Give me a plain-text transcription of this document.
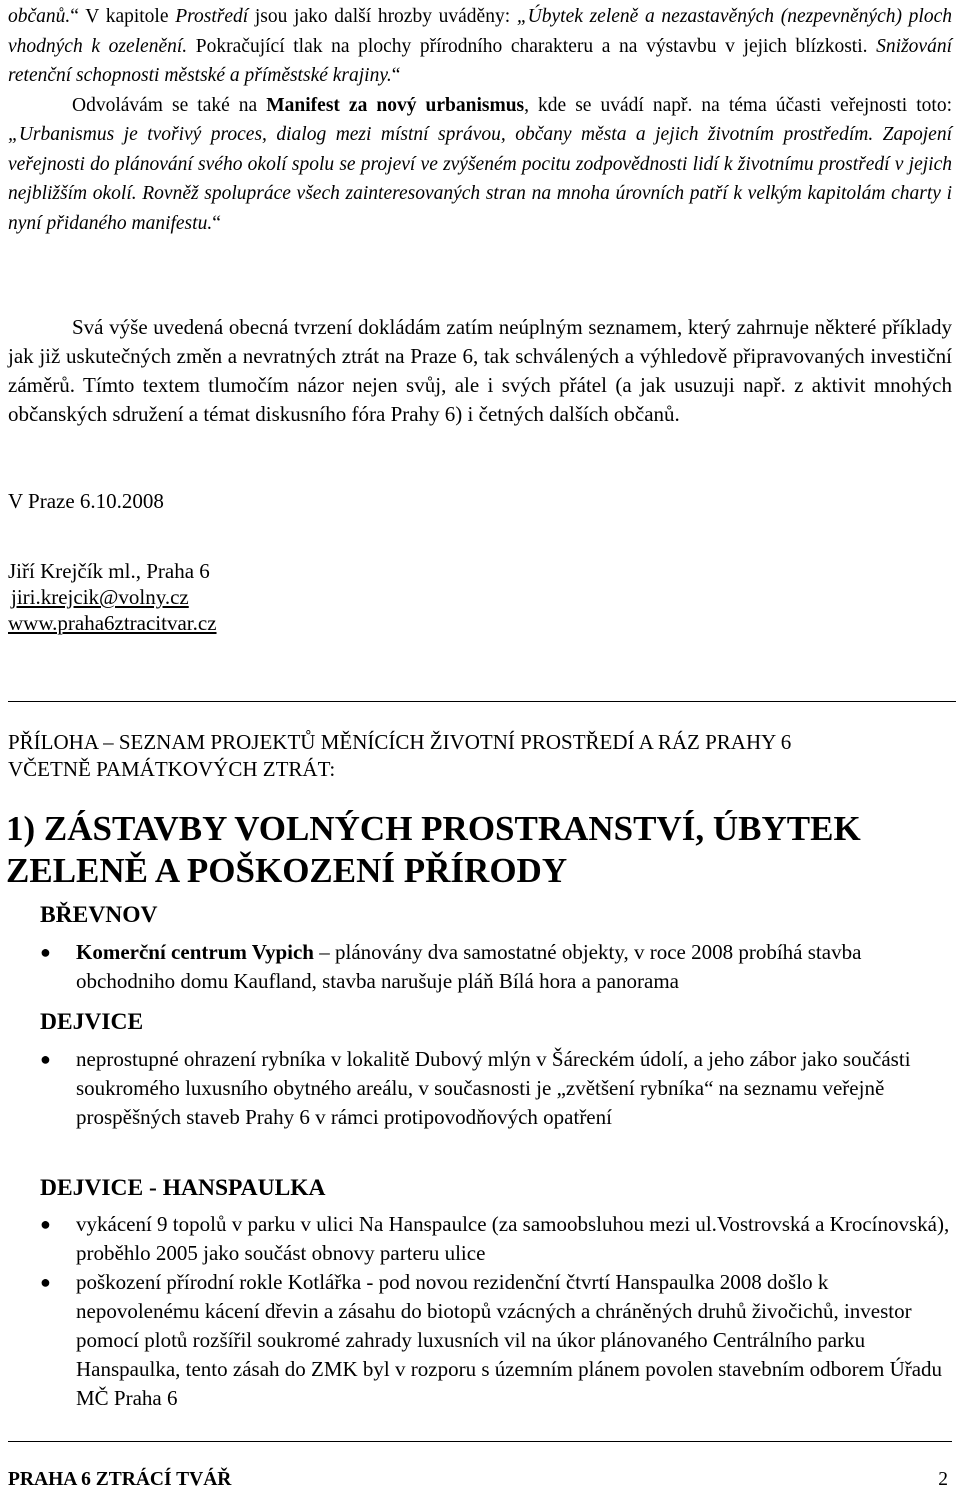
občanů.“ V kapitole Prostředí jsou jako další hrozby uváděny: „Úbytek zeleně a nezastavěných (nezpevněných) ploch vhodných k ozelenění. Pokračující tlak na plochy přírodního charakteru a na výstavbu v jejich blízkosti. Snižování retenční schopnosti městské a příměstské krajiny.“

Odvolávám se také na Manifest za nový urbanismus, kde se uvádí např. na téma účasti veřejnosti toto: „Urbanismus je tvořivý proces, dialog mezi místní správou, občany města a jejich životním prostředím. Zapojení veřejnosti do plánování svého okolí spolu se projeví ve zvýšeném pocitu zodpovědnosti lidí k životnímu prostředí v jejich nejbližším okolí. Rovněž spolupráce všech zainteresovaných stran na mnoha úrovních patří k velkým kapitolám charty i nyní přidaného manifestu.“

Svá výše uvedená obecná tvrzení dokládám zatím neúplným seznamem, který zahrnuje některé příklady jak již uskutečných změn a nevratných ztrát na Praze 6, tak schválených a výhledově připravovaných investiční záměrů. Tímto textem tlumočím názor nejen svůj, ale i svých přátel (a jak usuzuji např. z aktivit mnohých občanských sdružení a témat diskusního fóra Prahy 6) i četných dalších občanů.

V Praze 6.10.2008

Jiří Krejčík ml., Praha 6
jiri.krejcik@volny.cz
www.praha6ztracitvar.cz
PŘÍLOHA – SEZNAM PROJEKTŮ MĚNÍCÍCH ŽIVOTNÍ PROSTŘEDÍ A RÁZ PRAHY 6
VČETNĚ PAMÁTKOVÝCH ZTRÁT:
1) ZÁSTAVBY VOLNÝCH PROSTRANSTVÍ, ÚBYTEK ZELENĚ A POŠKOZENÍ PŘÍRODY
BŘEVNOV
● Komerční centrum Vypich – plánovány dva samostatné objekty, v roce 2008 probíhá stavba obchodniho domu Kaufland, stavba narušuje pláň Bílá hora a panorama
DEJVICE
● neprostupné ohrazení rybníka v lokalitě Dubový mlýn v Šáreckém údolí, a jeho zábor jako součásti soukromého luxusního obytného areálu, v současnosti je „zvětšení rybníka“ na seznamu veřejně prospěšných staveb Prahy 6 v rámci protipovodňových opatření
DEJVICE - HANSPAULKA
● vykácení 9 topolů v parku v ulici Na Hanspaulce (za samoobsluhou mezi ul.Vostrovská a Krocínovská), proběhlo 2005 jako součást obnovy parteru ulice
● poškození přírodní rokle Kotlářka - pod novou rezidenční čtvrtí Hanspaulka 2008 došlo k nepovolenému kácení dřevin a zásahu do biotopů vzácných a chráněných druhů živočichů, investor pomocí plotů rozšířil soukromé zahrady luxusních vil na úkor plánovaného Centrálního parku Hanspaulka, tento zásah do ZMK byl v rozporu s územním plánem povolen stavebním odborem Úřadu MČ Praha 6
PRAHA 6 ZTRÁCÍ TVÁŘ	2
